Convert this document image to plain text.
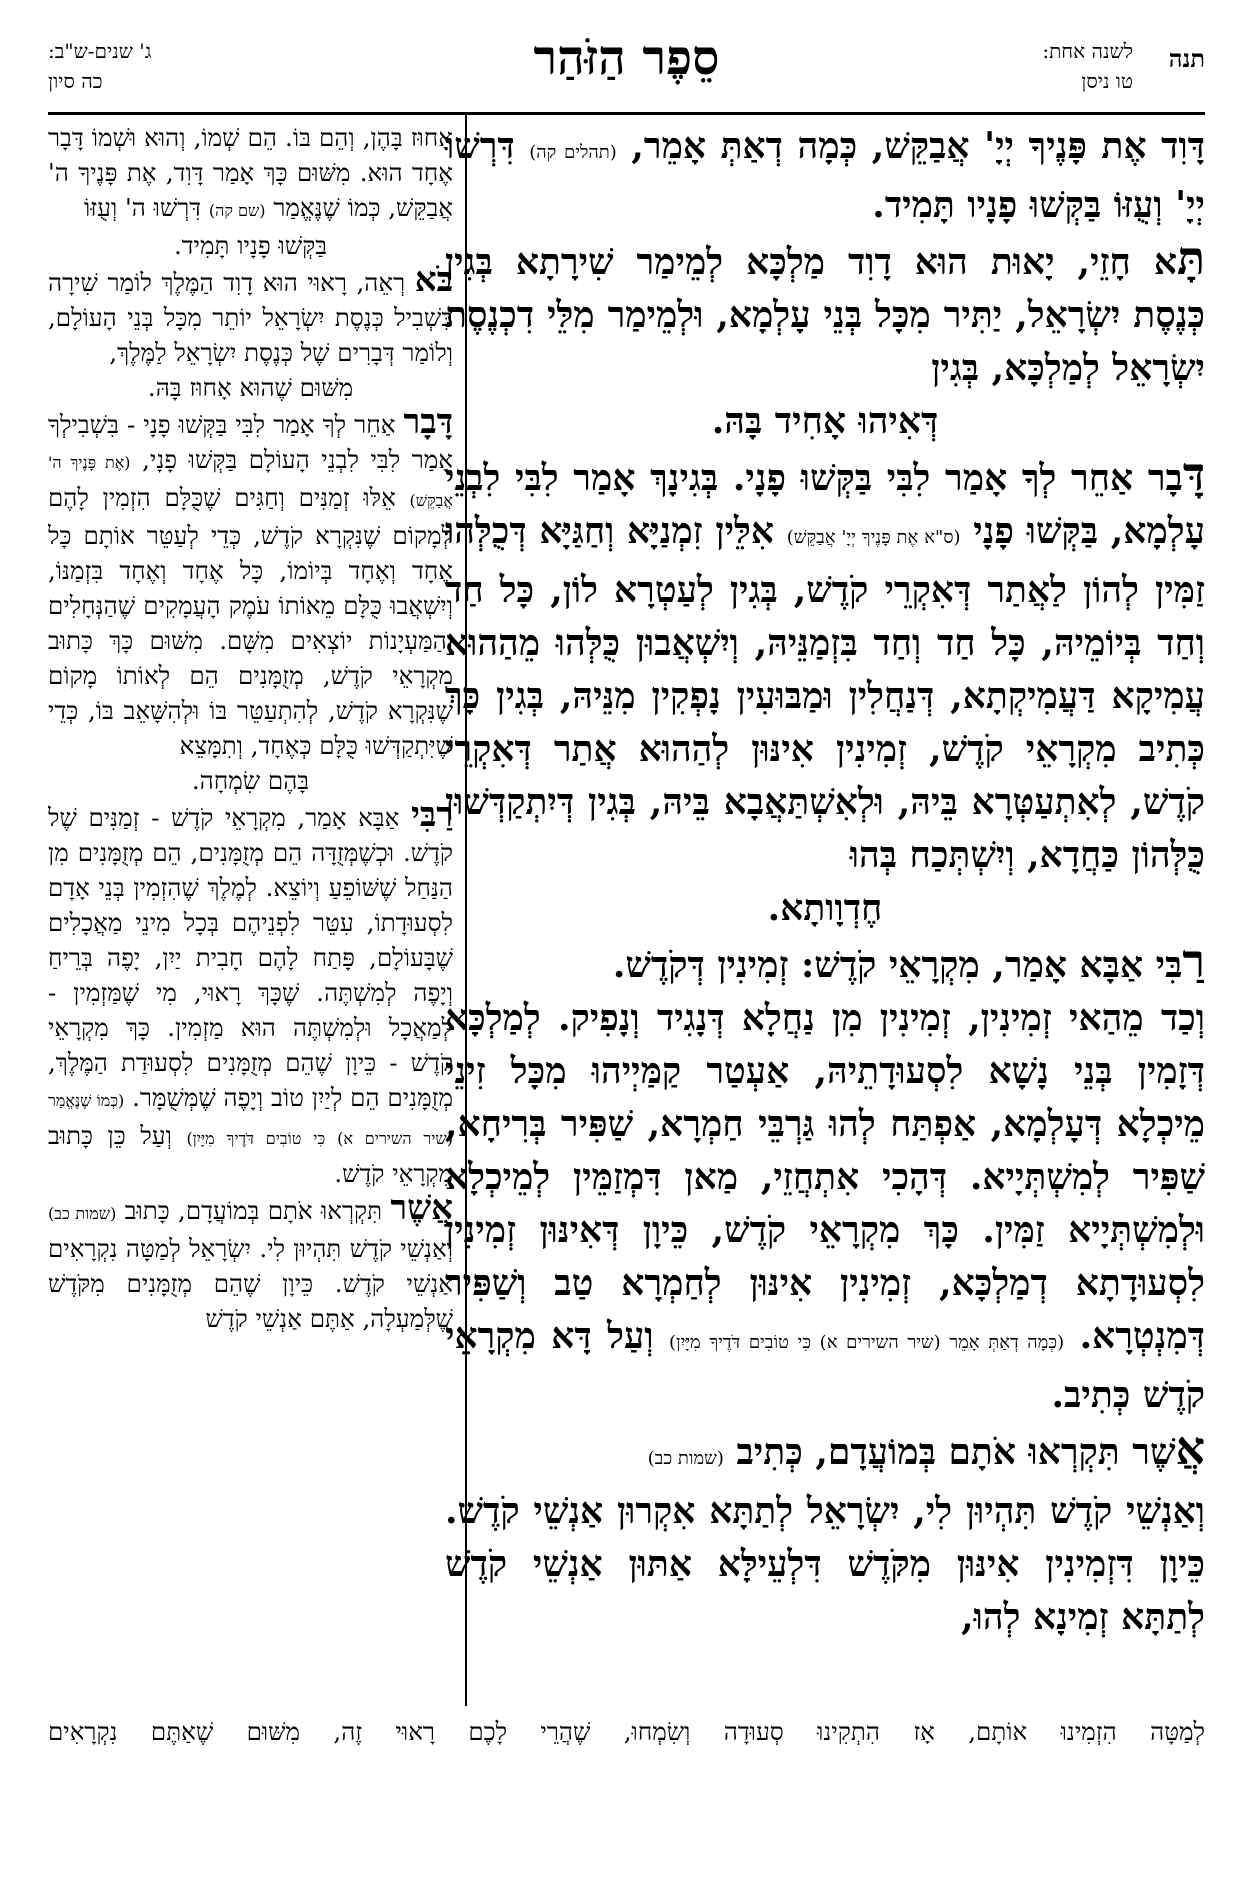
תנה
לשנה אחת:
טו ניסן
סֵפֶר הַזֹּהַר
ג' שנים-ש"ב:
כה סיון

דָּוִד אֶת פָּנֶיךָ יְיָ' אֲבַקֵּשׁ, כְּמָה דְאַתְּ אָמֵר, (תהלים קה) דִּרְשׁוּ יְיָ' וְעֻזּוֹ בַּקְּשׁוּ פָנָיו תָּמִיד.

תָּא חָזֵי, יָאוּת הוּא דָוִד מַלְכָּא לְמֵימַר שִׁירָתָא בְּגִין כְּנֶסֶת יִשְׂרָאֵל, יַתִּיר מִכָּל בְּנֵי עָלְמָא, וּלְמֵימַר מִלֵּי דִכְנֶסֶת יִשְׂרָאֵל לְמַלְכָּא, בְּגִין

דְּאִיהוּ אָחִיד בָּהּ.

דָּבָר אַחֵר לְךָ אָמַר לִבִּי בַּקְּשׁוּ פָנָי. בְּגִינָךְ אָמַר לִבִּי לִבְנֵי עָלְמָא, בַּקְּשׁוּ פָנָי (ס"א אֶת פָּנֶיךָ יְיָ' אֲבַקֵּשׁ) אִלֵּין זִמְנַיָּא וְחַגַּיָּא דְּכֻלְּהוּ זַמִּין לְהוֹן לַאֲתַר דְּאִקְרֵי קֹדֶשׁ, בְּגִין לְעַטְרָא לוֹן, כָּל חַד וְחַד בְּיוֹמֵיהּ, כָּל חַד וְחַד בִּזְמַנֵּיהּ, וְיִשְׁאֲבוּן כֻּלְּהוּ מֵהַהוּא עֲמִיקָא דַּעֲמִיקְתָא, דְּנַחֲלִין וּמַבּוּעִין נָפְקִין מִנֵּיהּ, בְּגִין כָּךְ כְּתִיב מִקְרָאֵי קֹדֶשׁ, זְמִינִין אִינּוּן לְהַהוּא אֲתַר דְּאִקְרֵי קֹדֶשׁ, לְאִתְעַטְּרָא בֵּיהּ, וּלְאִשְׁתַּאֲבָא בֵּיהּ, בְּגִין דְּיִתְקַדְּשׁוּן כֻּלְּהוֹן כַּחֲדָא, וְיִשְׁתְּכַח בְּהוּ

חֶדְוָותָא.

רַבִּי אַבָּא אָמַר, מִקְרָאֵי קֹדֶשׁ: זְמִינִין דְּקֹדֶשׁ.

וְכַד מֵהַאי זְמִינִין, זְמִינִין מִן נַחֲלָא דְּנָגִיד וְנָפִיק. לְמַלְכָּא דְּזָמִין בְּנֵי נָשָׁא לִסְעוּדָתֵיהּ, אַעְטַר קַמַּיְיהוּ מִכָּל זִינֵי מֵיכְלָא דְּעָלְמָא, אַפְתַּח לְהוּ גַּרְבֵּי חַמְרָא, שַׁפִּיר בְּרִיחָא, שַׁפִּיר לְמִשְׁתְּיָיא. דְּהָכִי אִתְחֲזֵי, מַאן דִּמְזַמֵּין לְמֵיכְלָא וּלְמִשְׁתְּיָיא זַמִּין. כָּךְ מִקְרָאֵי קֹדֶשׁ, כֵּיוָן דְּאִינּוּן זְמִינִין לִסְעוּדָתָא דְמַלְכָּא, זְמִינִין אִינּוּן לְחַמְרָא טַב וְשַׁפִּיר דְּמִנְטְרָא. (כְּמָה דְאַתְּ אָמֵר (שיר השירים א) כִּי טוֹבִים דֹּדֶיךָ מִיָּיִן) וְעַל דָּא מִקְרָאֵי קֹדֶשׁ כְּתִיב.

אֲשֶׁר תִּקְרְאוּ אֹתָם בְּמוֹעֲדָם, כְּתִיב (שמות כב)

וְאַנְשֵׁי קֹדֶשׁ תִּהְיוּן לִי, יִשְׂרָאֵל לְתַתָּא אִקְרוּן אַנְשֵׁי קֹדֶשׁ. כֵּיוָן דִּזְמִינִין אִינּוּן מִקֹּדֶשׁ דִּלְעֵילָּא אַתּוּן אַנְשֵׁי קֹדֶשׁ לְתַתָּא זְמִינָא לְהוּ,

אָחוּז בָּהֶן, וְהֵם בּוֹ. הֵם שְׁמוֹ, וְהוּא וּשְׁמוֹ דָּבָר אֶחָד הוּא. מִשּׁוּם כָּךְ אָמַר דָּוִד, אֶת פָּנֶיךָ ה' אֲבַקֵּשׁ, כְּמוֹ שֶׁנֶּאֱמַר (שם קה) דִּרְשׁוּ ה' וְעֻזּוֹ

בַּקְּשׁוּ פָנָיו תָּמִיד.

בֹּא רְאֵה, רָאוּי הוּא דָוִד הַמֶּלֶךְ לוֹמַר שִׁירָה בִּשְׁבִיל כְּנֶסֶת יִשְׂרָאֵל יוֹתֵר מִכָּל בְּנֵי הָעוֹלָם, וְלוֹמַר דְּבָרִים שֶׁל כְּנֶסֶת יִשְׂרָאֵל לַמֶּלֶךְ,

מִשּׁוּם שֶׁהוּא אָחוּז בָּהּ.

דָּבָר אַחֵר לְךָ אָמַר לִבִּי בַּקְּשׁוּ פָנָי - בִּשְׁבִילְךָ אָמַר לִבִּי לִבְנֵי הָעוֹלָם בַּקְּשׁוּ פָנָי, (אֶת פָּנֶיךָ ה' אֲבַקֵּשׁ) אֵלּוּ זְמַנִּים וְחַגִּים שֶׁכֻּלָּם הִזְמִין לָהֶם לְמָקוֹם שֶׁנִּקְרָא קֹדֶשׁ, כְּדֵי לְעַטֵּר אוֹתָם כָּל אֶחָד וְאֶחָד בְּיוֹמוֹ, כָּל אֶחָד וְאֶחָד בִּזְמַנּוֹ, וְיִשְׁאֲבוּ כֻּלָּם מֵאוֹתוֹ עֹמֶק הָעֲמָקִים שֶׁהַנְּחָלִים וְהַמַּעְיָנוֹת יוֹצְאִים מִשָּׁם. מִשּׁוּם כָּךְ כָּתוּב מִקְרָאֵי קֹדֶשׁ, מְזֻמָּנִים הֵם לְאוֹתוֹ מָקוֹם שֶׁנִּקְרָא קֹדֶשׁ, לְהִתְעַטֵּר בּוֹ וּלְהִשָּׁאֵב בּוֹ, כְּדֵי שֶׁיִּתְקַדְּשׁוּ כֻּלָּם כְּאֶחָד, וְתִמָּצֵא

בָּהֶם שִׂמְחָה.

רַבִּי אַבָּא אָמַר, מִקְרָאֵי קֹדֶשׁ - זְמַנִּים שֶׁל קֹדֶשׁ. וּכְשֶׁמְּזֻדָּה הֵם מְזֻמָּנִים, הֵם מְזֻמָּנִים מִן הַנַּחַל שֶׁשּׁוֹפֵעַ וְיוֹצֵא. לְמֶלֶךְ שֶׁהִזְמִין בְּנֵי אָדָם לִסְעוּדָתוֹ, עִטֵּר לִפְנֵיהֶם בְּכָל מִינֵי מַאֲכָלִים שֶׁבָּעוֹלָם, פָּתַח לָהֶם חָבִית יַיִן, יָפֶה בְּרֵיחַ וְיָפֶה לְמִשְׁתֶּה. שֶׁכָּךְ רָאוּי, מִי שֶׁמַּזְמִין - לְמַאֲכָל וּלְמִשְׁתֶּה הוּא מַזְמִין. כָּךְ מִקְרָאֵי קֹדֶשׁ - כֵּיוָן שֶׁהֵם מְזֻמָּנִים לִסְעוּדַת הַמֶּלֶךְ, מְזֻמָּנִים הֵם לְיַיִן טוֹב וְיָפֶה שֶׁמְּשֻׁמָּר. (כְּמוֹ שֶׁנֶּאֱמַר (שיר השירים א) כִּי טוֹבִים דֹּדֶיךָ מִיָּיִן) וְעַל כֵּן כָּתוּב מִקְרָאֵי קֹדֶשׁ.

אֲשֶׁר תִּקְרְאוּ אֹתָם בְּמוֹעֲדָם, כָּתוּב (שמות כב) וְאַנְשֵׁי קֹדֶשׁ תִּהְיוּן לִי. יִשְׂרָאֵל לְמַטָּה נִקְרָאִים אַנְשֵׁי קֹדֶשׁ. כֵּיוָן שֶׁהֵם מְזֻמָּנִים מִקֹּדֶשׁ שֶׁלְּמַעְלָה, אַתֶּם אַנְשֵׁי קֹדֶשׁ

לְמַטָּה הִזְמִינוּ אוֹתָם, אָז הִתְקִינוּ סְעוּדָה וְשִׂמְחוּ, שֶׁהֲרֵי לָכֶם רָאוּי זֶה, מִשּׁוּם שֶׁאַתֶּם נִקְרָאִים
